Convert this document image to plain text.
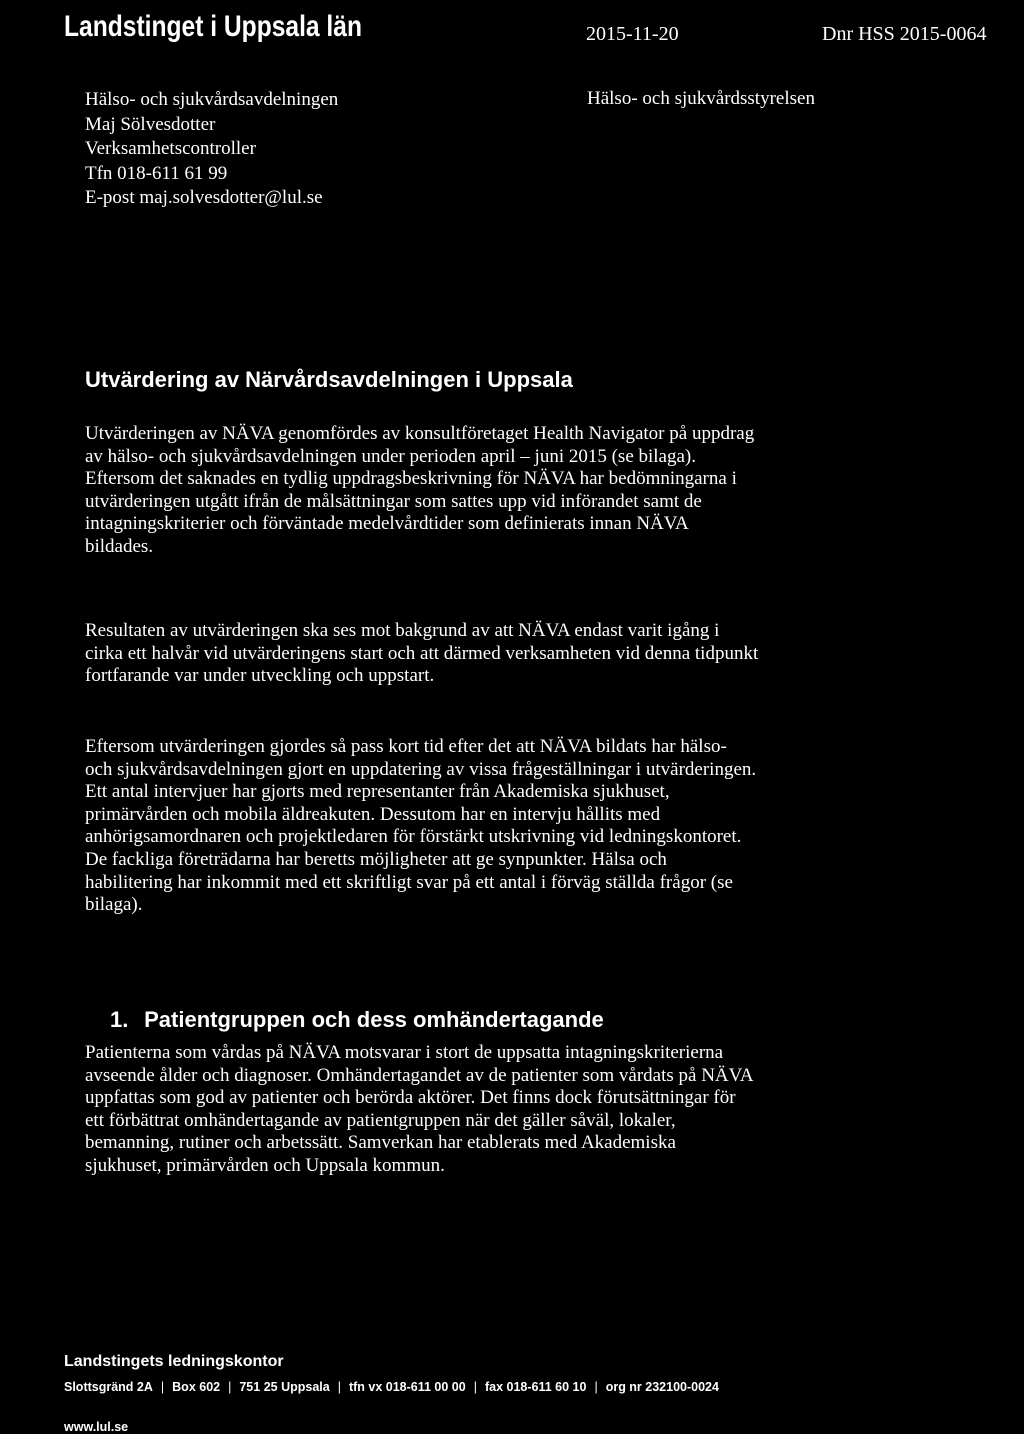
Landstinget i Uppsala län	2015-11-20	Dnr HSS 2015-0064
Hälso- och sjukvårdsavdelningen
Maj Sölvesdotter
Verksamhetscontroller
Tfn 018-611 61 99
E-post maj.solvesdotter@lul.se
Hälso- och sjukvårdsstyrelsen
Utvärdering av Närvårdsavdelningen i Uppsala
Utvärderingen av NÄVA genomfördes av konsultföretaget Health Navigator på uppdrag
av hälso- och sjukvårdsavdelningen under perioden april – juni 2015 (se bilaga).
Eftersom det saknades en tydlig uppdragsbeskrivning för NÄVA har bedömningarna i
utvärderingen utgått ifrån de målsättningar som sattes upp vid införandet samt de
intagningskriterier och förväntade medelvårdtider som definierats innan NÄVA
bildades.
Resultaten av utvärderingen ska ses mot bakgrund av att NÄVA endast varit igång i
cirka ett halvår vid utvärderingens start och att därmed verksamheten vid denna tidpunkt
fortfarande var under utveckling och uppstart.
Eftersom utvärderingen gjordes så pass kort tid efter det att NÄVA bildats har hälso-
och sjukvårdsavdelningen gjort en uppdatering av vissa frågeställningar i utvärderingen.
Ett antal intervjuer har gjorts med representanter från Akademiska sjukhuset,
primärvården och mobila äldreakuten. Dessutom har en intervju hållits med
anhörigsamordnaren och projektledaren för förstärkt utskrivning vid ledningskontoret.
De fackliga företrädarna har beretts möjligheter att ge synpunkter. Hälsa och
habilitering har inkommit med ett skriftligt svar på ett antal i förväg ställda frågor (se
bilaga).
1. Patientgruppen och dess omhändertagande
Patienterna som vårdas på NÄVA motsvarar i stort de uppsatta intagningskriterierna
avseende ålder och diagnoser. Omhändertagandet av de patienter som vårdats på NÄVA
uppfattas som god av patienter och berörda aktörer. Det finns dock förutsättningar för
ett förbättrat omhändertagande av patientgruppen när det gäller såväl, lokaler,
bemanning, rutiner och arbetssätt. Samverkan har etablerats med Akademiska
sjukhuset, primärvården och Uppsala kommun.
Landstingets ledningskontor
Slottsgränd 2A | Box 602 | 751 25 Uppsala | tfn vx 018-611 00 00 | fax 018-611 60 10 | org nr 232100-0024
www.lul.se
